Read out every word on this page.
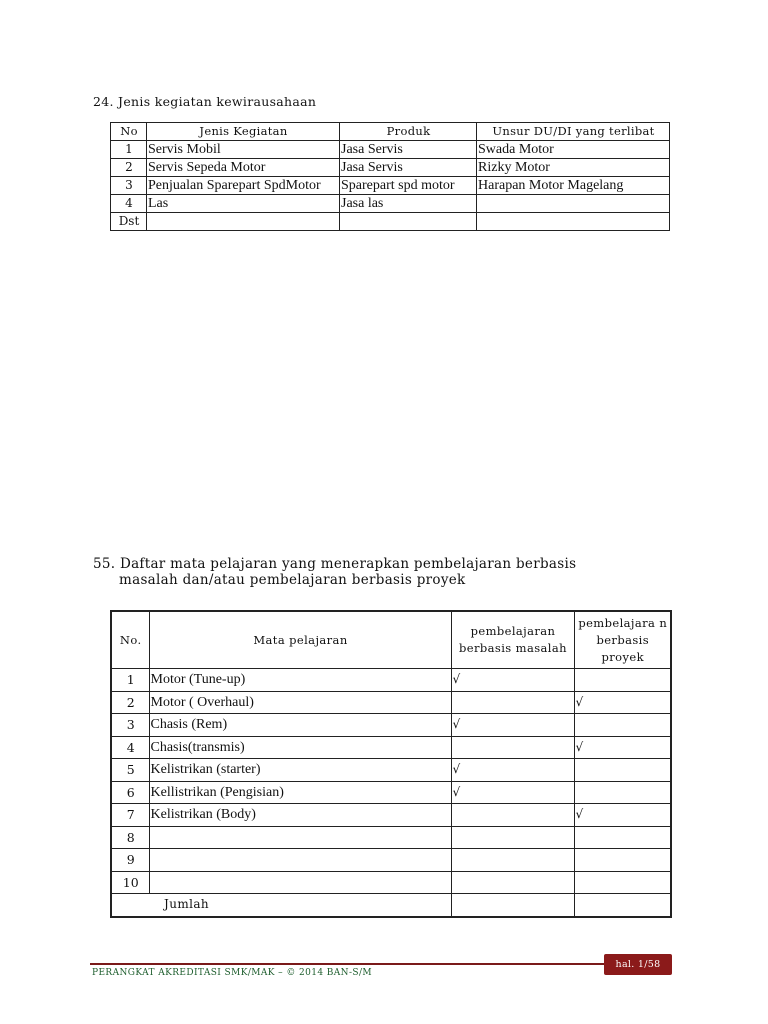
24. Jenis kegiatan kewirausahaan
No	Jenis Kegiatan	Produk	Unsur DU/DI yang terlibat
1	Servis Mobil	Jasa Servis	Swada Motor
2	Servis Sepeda Motor	Jasa Servis	Rizky Motor
3	Penjualan Sparepart SpdMotor	Sparepart spd motor	Harapan Motor Magelang
4	Las	Jasa las	
Dst			
55. Daftar mata pelajaran yang menerapkan pembelajaran berbasis
masalah dan/atau pembelajaran berbasis proyek
No.	Mata pelajaran	pembelajaran berbasis masalah	pembelajara n berbasis proyek
1	Motor (Tune-up)	√	
2	Motor ( Overhaul)		√
3	Chasis (Rem)	√	
4	Chasis(transmis)		√
5	Kelistrikan (starter)	√	
6	Kellistrikan (Pengisian)	√	
7	Kelistrikan (Body)		√
8			
9			
10			
Jumlah			
hal. 1/58
PERANGKAT AKREDITASI SMK/MAK – © 2014 BAN-S/M
